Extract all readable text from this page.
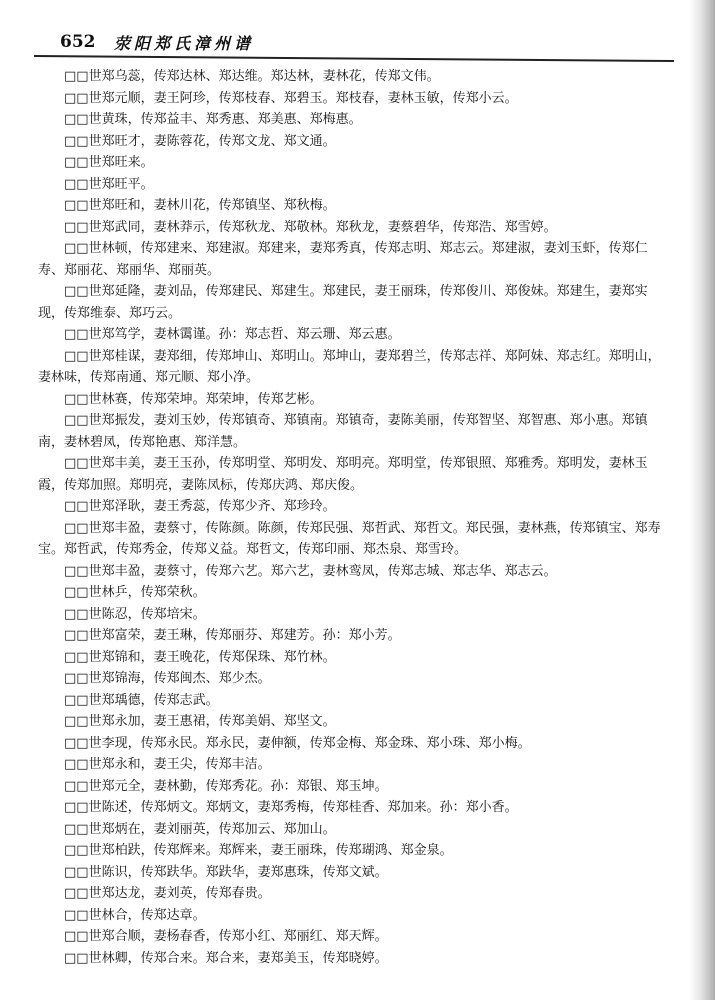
652 荥阳郑氏漳州谱

□□世郑乌蕊，传郑达林、郑达维。郑达林，妻林花，传郑文伟。

□□世郑元顺，妻王阿珍，传郑枝春、郑碧玉。郑枝春，妻林玉敏，传郑小云。

□□世黄珠，传郑益丰、郑秀惠、郑美惠、郑梅惠。

□□世郑旺才，妻陈蓉花，传郑文龙、郑文通。

□□世郑旺来。

□□世郑旺平。

□□世郑旺和，妻林川花，传郑镇坚、郑秋梅。

□□世郑武同，妻林莽示，传郑秋龙、郑敬林。郑秋龙，妻蔡碧华，传郑浩、郑雪婷。

□□世林顿，传郑建来、郑建淑。郑建来，妻郑秀真，传郑志明、郑志云。郑建淑，妻刘玉虾，传郑仁寿、郑丽花、郑丽华、郑丽英。

□□世郑延隆，妻刘品，传郑建民、郑建生。郑建民，妻王丽珠，传郑俊川、郑俊妹。郑建生，妻郑实现，传郑维泰、郑巧云。

□□世郑笃学，妻林霭谨。孙：郑志哲、郑云珊、郑云惠。

□□世郑桂谋，妻郑细，传郑坤山、郑明山。郑坤山，妻郑碧兰，传郑志祥、郑阿妹、郑志红。郑明山，妻林味，传郑南通、郑元顺、郑小净。

□□世林赛，传郑荣坤。郑荣坤，传郑艺彬。

□□世郑振发，妻刘玉妙，传郑镇奇、郑镇南。郑镇奇，妻陈美丽，传郑智坚、郑智惠、郑小惠。郑镇南，妻林碧凤，传郑艳惠、郑洋慧。

□□世郑丰美，妻王玉孙，传郑明堂、郑明发、郑明亮。郑明堂，传郑银照、郑雅秀。郑明发，妻林玉霞，传郑加照。郑明亮，妻陈凤标，传郑庆鸿、郑庆俊。

□□世郑泽耿，妻王秀蕊，传郑少齐、郑珍玲。

□□世郑丰盈，妻蔡寸，传陈颜。陈颜，传郑民强、郑哲武、郑哲文。郑民强，妻林燕，传郑镇宝、郑寿宝。郑哲武，传郑秀金，传郑义益。郑哲文，传郑印丽、郑杰泉、郑雪玲。

□□世郑丰盈，妻蔡寸，传郑六艺。郑六艺，妻林鸾凤，传郑志城、郑志华、郑志云。

□□世林乒，传郑荣秋。

□□世陈忍，传郑培宋。

□□世郑富荣，妻王琳，传郑丽芬、郑建芳。孙：郑小芳。

□□世郑锦和，妻王晚花，传郑保珠、郑竹林。

□□世郑锦海，传郑闽杰、郑少杰。

□□世郑瑀德，传郑志武。

□□世郑永加，妻王惠裙，传郑美娟、郑坚文。

□□世李现，传郑永民。郑永民，妻伸额，传郑金梅、郑金珠、郑小珠、郑小梅。

□□世郑永和，妻王尖，传郑丰洁。

□□世郑元全，妻林勤，传郑秀花。孙：郑银、郑玉坤。

□□世陈述，传郑炳文。郑炳文，妻郑秀梅，传郑桂香、郑加来。孙：郑小香。

□□世郑炳在，妻刘丽英，传郑加云、郑加山。

□□世郑柏趺，传郑辉来。郑辉来，妻王丽珠，传郑瑚鸿、郑金泉。

□□世陈识，传郑趺华。郑趺华，妻郑惠珠，传郑文斌。

□□世郑达龙，妻刘英，传郑春贵。

□□世林合，传郑达章。

□□世郑合顺，妻杨春香，传郑小红、郑丽红、郑天辉。

□□世林卿，传郑合来。郑合来，妻郑美玉，传郑晓婷。
